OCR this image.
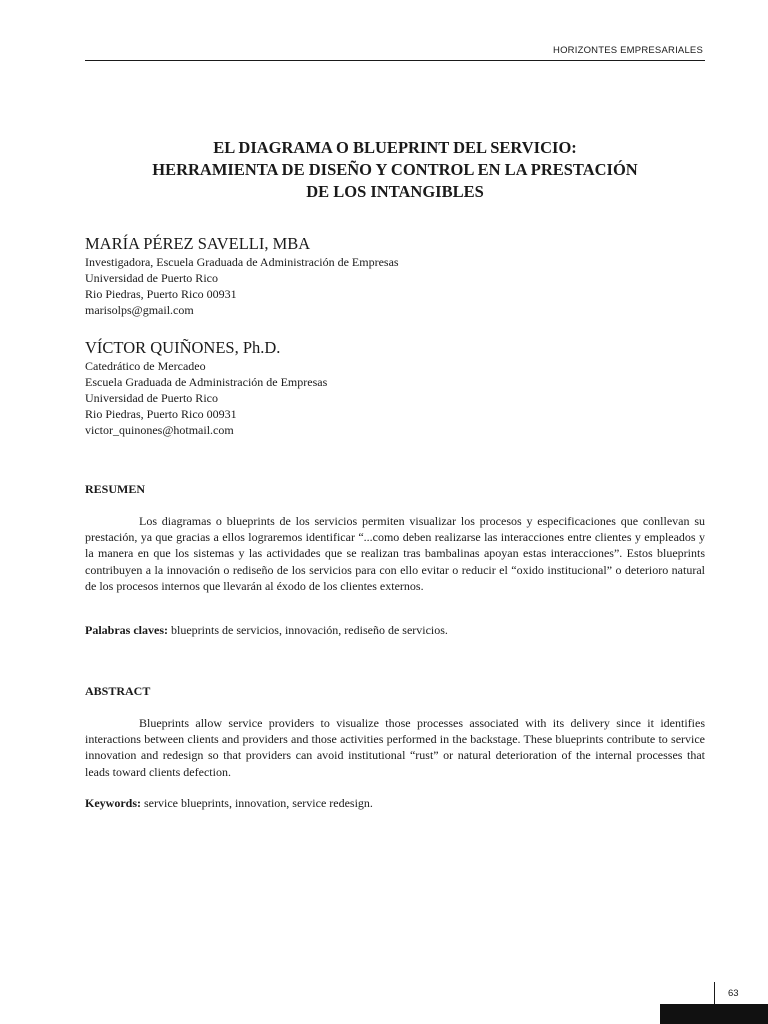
HORIZONTES EMPRESARIALES
EL DIAGRAMA O BLUEPRINT DEL SERVICIO:
HERRAMIENTA DE DISEÑO Y CONTROL EN LA PRESTACIÓN
DE LOS INTANGIBLES
MARÍA PÉREZ SAVELLI, MBA
Investigadora, Escuela Graduada de Administración de Empresas
Universidad de Puerto Rico
Rio Piedras, Puerto Rico 00931
marisolps@gmail.com
VÍCTOR QUIÑONES, Ph.D.
Catedrático de Mercadeo
Escuela Graduada de Administración de Empresas
Universidad de Puerto Rico
Rio Piedras, Puerto Rico 00931
victor_quinones@hotmail.com
RESUMEN

Los diagramas o blueprints de los servicios permiten visualizar los procesos y especificaciones que conllevan su prestación, ya que gracias a ellos lograremos identificar “...como deben realizarse las interacciones entre clientes y empleados y la manera en que los sistemas y las actividades que se realizan tras bambalinas apoyan estas interacciones”. Estos blueprints contribuyen a la innovación o rediseño de los servicios para con ello evitar o reducir el “oxido institucional” o deterioro natural de los procesos internos que llevarán al éxodo de los clientes externos.

Palabras claves: blueprints de servicios, innovación, rediseño de servicios.
ABSTRACT

Blueprints allow service providers to visualize those processes associated with its delivery since it identifies interactions between clients and providers and those activities performed in the backstage. These blueprints contribute to service innovation and redesign so that providers can avoid institutional “rust” or natural deterioration of the internal processes that leads toward clients defection.

Keywords: service blueprints, innovation, service redesign.
63
